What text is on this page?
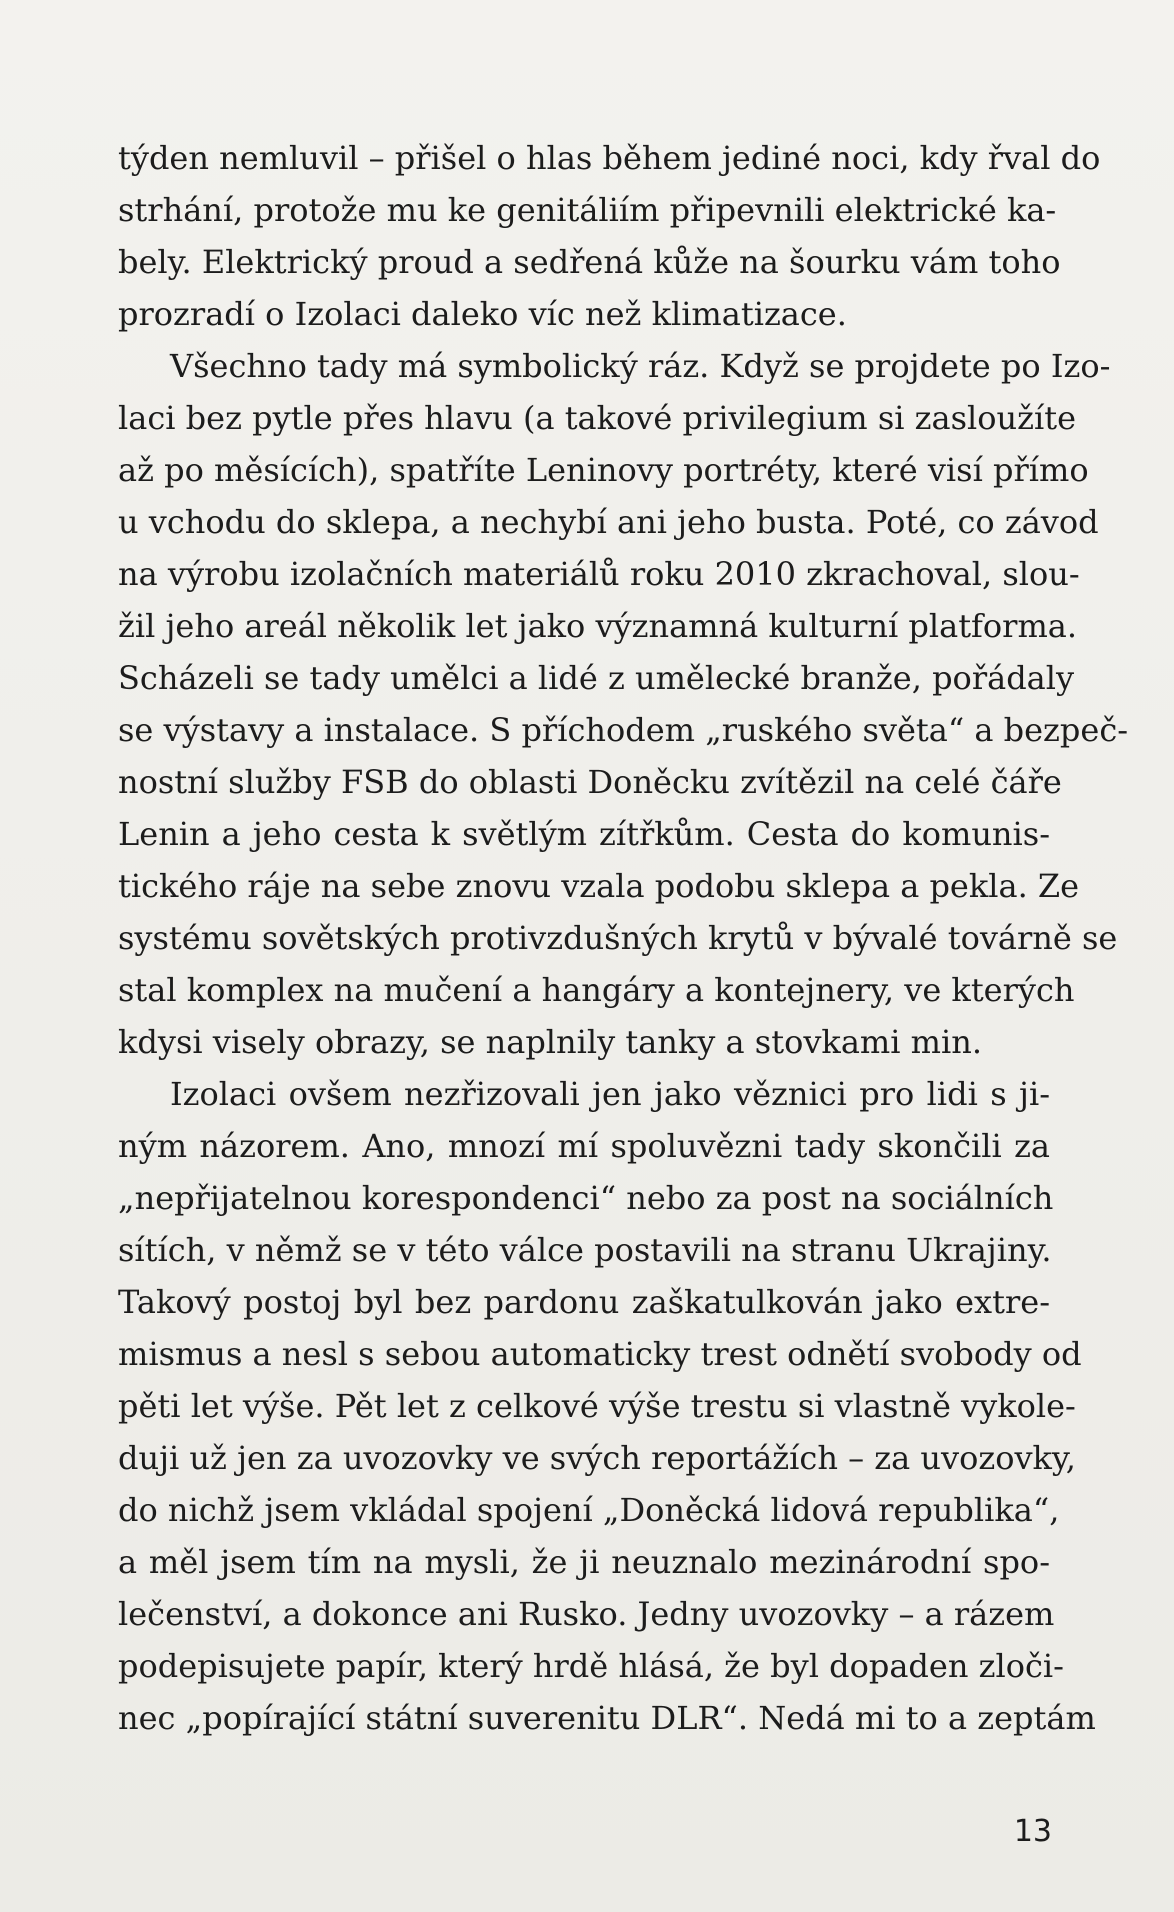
týden nemluvil – přišel o hlas během jediné noci, kdy řval do
strhání, protože mu ke genitáliím připevnili elektrické ka-
bely. Elektrický proud a sedřená kůže na šourku vám toho
prozradí o Izolaci daleko víc než klimatizace.
Všechno tady má symbolický ráz. Když se projdete po Izo-
laci bez pytle přes hlavu (a takové privilegium si zasloužíte
až po měsících), spatříte Leninovy portréty, které visí přímo
u vchodu do sklepa, a nechybí ani jeho busta. Poté, co závod
na výrobu izolačních materiálů roku 2010 zkrachoval, slou-
žil jeho areál několik let jako významná kulturní platforma.
Scházeli se tady umělci a lidé z umělecké branže, pořádaly
se výstavy a instalace. S příchodem „ruského světa“ a bezpeč-
nostní služby FSB do oblasti Doněcku zvítězil na celé čáře
Lenin a jeho cesta k světlým zítřkům. Cesta do komunis-
tického ráje na sebe znovu vzala podobu sklepa a pekla. Ze
systému sovětských protivzdušných krytů v bývalé továrně se
stal komplex na mučení a hangáry a kontejnery, ve kterých
kdysi visely obrazy, se naplnily tanky a stovkami min.
Izolaci ovšem nezřizovali jen jako věznici pro lidi s ji-
ným názorem. Ano, mnozí mí spoluvězni tady skončili za
„nepřijatelnou korespondenci“ nebo za post na sociálních
sítích, v němž se v této válce postavili na stranu Ukrajiny.
Takový postoj byl bez pardonu zaškatulkován jako extre-
mismus a nesl s sebou automaticky trest odnětí svobody od
pěti let výše. Pět let z celkové výše trestu si vlastně vykole-
duji už jen za uvozovky ve svých reportážích – za uvozovky,
do nichž jsem vkládal spojení „Doněcká lidová republika“,
a měl jsem tím na mysli, že ji neuznalo mezinárodní spo-
lečenství, a dokonce ani Rusko. Jedny uvozovky – a rázem
podepisujete papír, který hrdě hlásá, že byl dopaden zloči-
nec „popírající státní suverenitu DLR“. Nedá mi to a zeptám
13
